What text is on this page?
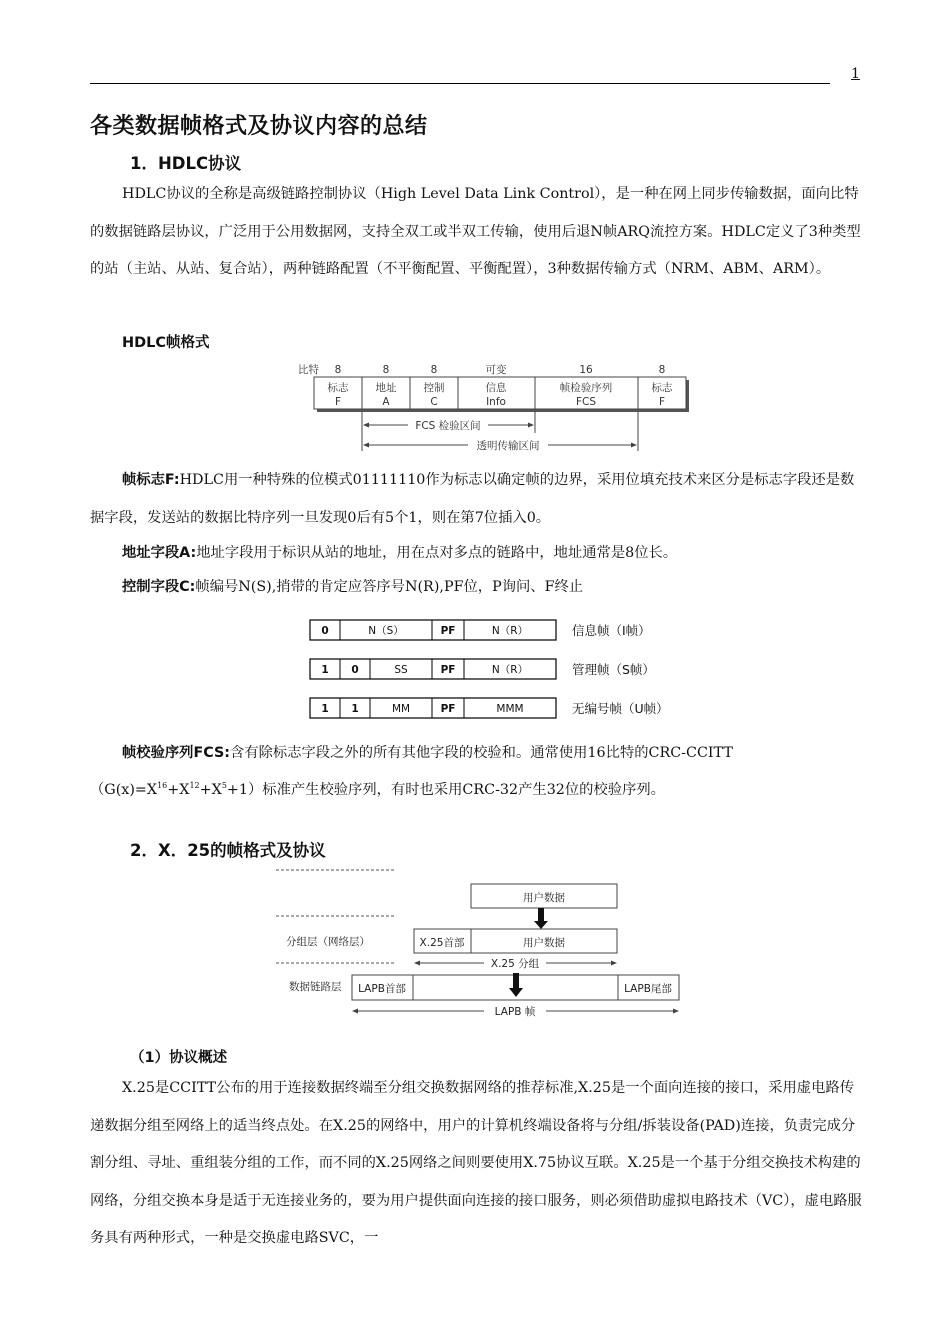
1
各类数据帧格式及协议内容的总结
1．HDLC协议

HDLC协议的全称是高级链路控制协议（High Level Data Link Control），是一种在网上同步传输数据，面向比特的数据链路层协议，广泛用于公用数据网，支持全双工或半双工传输，使用后退N帧ARQ流控方案。HDLC定义了3种类型的站（主站、从站、复合站），两种链路配置（不平衡配置、平衡配置），3种数据传输方式（NRM、ABM、ARM）。

HDLC帧格式
比特 8	8	8	可变	16	8
标志	地址	控制	信息	帧检验序列	标志
F	A	C	Info	FCS	F
FCS 检验区间
透明传输区间

帧标志F:HDLC用一种特殊的位模式01111110作为标志以确定帧的边界，采用位填充技术来区分是标志字段还是数据字段，发送站的数据比特序列一旦发现0后有5个1，则在第7位插入0。

地址字段A:地址字段用于标识从站的地址，用在点对多点的链路中，地址通常是8位长。
控制字段C:帧编号N(S),捎带的肯定应答序号N(R),PF位，P询问、F终止
0	N（S）	PF	N（R）
1 0	SS	PF	N（R）
1 1	MM	PF	MMM
信息帧（I帧）
管理帧（S帧）
无编号帧（U帧）
帧校验序列FCS:含有除标志字段之外的所有其他字段的校验和。通常使用16比特的CRC-CCITT
$(G(x)=X^{16}+X^{12}+X^5+1)$标准产生校验序列，有时也采用CRC-32产生32位的校验序列。
2．X．25的帧格式及协议
用户数据
分组层（网络层）	X.25首部	用户数据
X.25 分组
数据链路层 LAPB首部	LAPB尾部
LAPB 帧
（1）协议概述

X.25是CCITT公布的用于连接数据终端至分组交换数据网络的推荐标准,X.25是一个面向连接的接口，采用虚电路传递数据分组至网络上的适当终点处。在X.25的网络中，用户的计算机终端设备将与分组/拆装设备(PAD)连接，负责完成分割分组、寻址、重组装分组的工作，而不同的X.25网络之间则要使用X.75协议互联。X.25是一个基于分组交换技术构建的网络，分组交换本身是适于无连接业务的，要为用户提供面向连接的接口服务，则必须借助虚拟电路技术（VC），虚电路服务具有两种形式，一种是交换虚电路SVC，一
